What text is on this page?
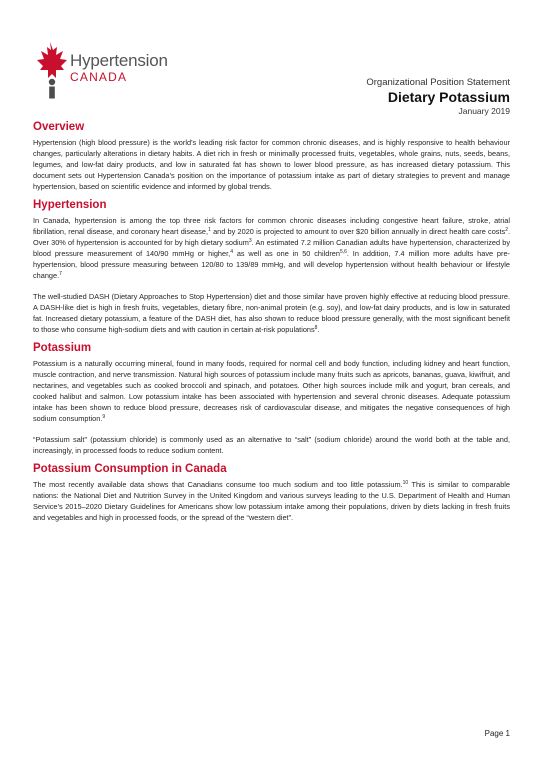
Hypertension
CANADA	Organizational Position Statement
Dietary Potassium
January 2019
Overview

Hypertension (high blood pressure) is the world’s leading risk factor for common chronic diseases, and is highly responsive to health behaviour changes, particularly alterations in dietary habits. A diet rich in fresh or minimally processed fruits, vegetables, whole grains, nuts, seeds, beans, legumes, and low-fat dairy products, and low in saturated fat has shown to lower blood pressure, as has increased dietary potassium. This document sets out Hypertension Canada’s position on the importance of potassium intake as part of dietary strategies to prevent and manage hypertension, based on scientific evidence and informed by global trends.

Hypertension

In Canada, hypertension is among the top three risk factors for common chronic diseases including congestive heart failure, stroke, atrial fibrillation, renal disease, and coronary heart disease,$^1$ and by 2020 is projected to amount to over $20 billion annually in direct health care costs$^2$. Over 30% of hypertension is accounted for by high dietary sodium$^3$. An estimated 7.2 million Canadian adults have hypertension, characterized by blood pressure measurement of 140/90 mmHg or higher,$^4$ as well as one in 50 children$^{5,6}$. In addition, 7.4 million more adults have pre-hypertension, blood pressure measuring between 120/80 to 139/89 mmHg, and will develop hypertension without health behaviour or lifestyle change.$^7$

The well-studied DASH (Dietary Approaches to Stop Hypertension) diet and those similar have proven highly effective at reducing blood pressure. A DASH-like diet is high in fresh fruits, vegetables, dietary fibre, non-animal protein (e.g. soy), and low-fat dairy products, and is low in saturated fat. Increased dietary potassium, a feature of the DASH diet, has also shown to reduce blood pressure generally, with the most significant benefit to those who consume high-sodium diets and with caution in certain at-risk populations$^8$.

Potassium

Potassium is a naturally occurring mineral, found in many foods, required for normal cell and body function, including kidney and heart function, muscle contraction, and nerve transmission. Natural high sources of potassium include many fruits such as apricots, bananas, guava, kiwifruit, and nectarines, and vegetables such as cooked broccoli and spinach, and potatoes. Other high sources include milk and yogurt, bran cereals, and cooked halibut and salmon. Low potassium intake has been associated with hypertension and several chronic diseases. Adequate potassium intake has been shown to reduce blood pressure, decreases risk of cardiovascular disease, and mitigates the negative consequences of high sodium consumption.$^9$

“Potassium salt” (potassium chloride) is commonly used as an alternative to “salt” (sodium chloride) around the world both at the table and, increasingly, in processed foods to reduce sodium content.

Potassium Consumption in Canada

The most recently available data shows that Canadians consume too much sodium and too little potassium.$^{10}$ This is similar to comparable nations: the National Diet and Nutrition Survey in the United Kingdom and various surveys leading to the U.S. Department of Health and Human Service’s 2015–2020 Dietary Guidelines for Americans show low potassium intake among their populations, driven by diets lacking in fresh fruits and vegetables and high in processed foods, or the spread of the “western diet”.

Page 1
